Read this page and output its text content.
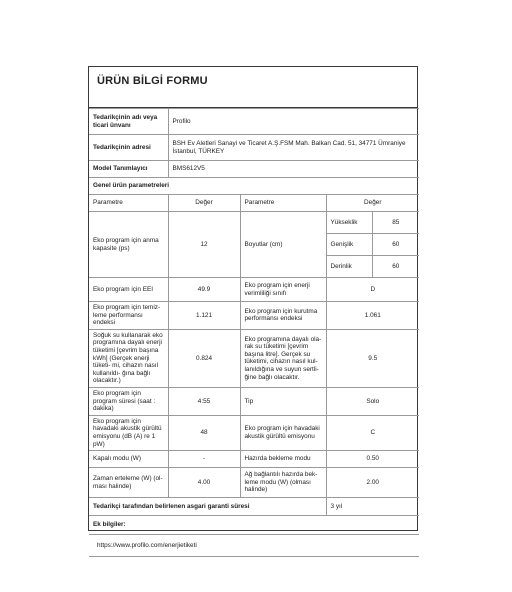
ÜRÜN BİLGİ FORMU
Tedarikçinin adı veya ticari ünvanı	Profilo			
Tedarikçinin adresi	BSH Ev Aletleri Sanayi ve Ticaret A.Ş.FSM Mah. Balkan Cad. 51, 34771 Ümraniye İstanbul, TÜRKEY			
Model Tanımlayıcı	BMS612V5			
Genel ürün parametreleri				
Parametre	Değer	Parametre	Değer	
Eko program için anma kapasite (ps)	12	Boyutlar (cm)	Yükseklik	85
			Genişlik	60
			Derinlik	60
Eko program için EEI	49.9	Eko program için enerji verimliliği sınıfı	D	
Eko program için temiz- leme performansı endeksi	1.121	Eko program için kurutma performansı endeksi	1.061	
Soğuk su kullanarak eko programına dayalı enerji tüketimi [çevrim başına kWh] (Gerçek enerji tüketi- mi, cihazın nasıl kullanıldı- ğına bağlı olacaktır.)	0.824	Eko programına dayalı ola- rak su tüketimi [çevrim başına litre]. Gerçek su tüketimi, cihazın nasıl kul- lanıldığına ve suyun sertli- ğine bağlı olacaktır.	9.5	
Eko program için program süresi (saat : dakika)	4:55	Tip	Solo	
Eko program için havadaki akustik gürültü emisyonu (dB (A) re 1 pW)	48	Eko program için havadaki akustik gürültü emisyonu	C	
Kapalı modu (W)	-	Hazırda bekleme modu	0.50	
Zaman erteleme (W) (ol- ması halinde)	4.00	Ağ bağlantılı hazırda bek- leme modu (W) (olması halinde)	2.00	
Tedarikçi tarafından belirlenen asgari garanti süresi			3 yıl	
Ek bilgiler:				
https://www.profilo.com/enerjietiketi				
